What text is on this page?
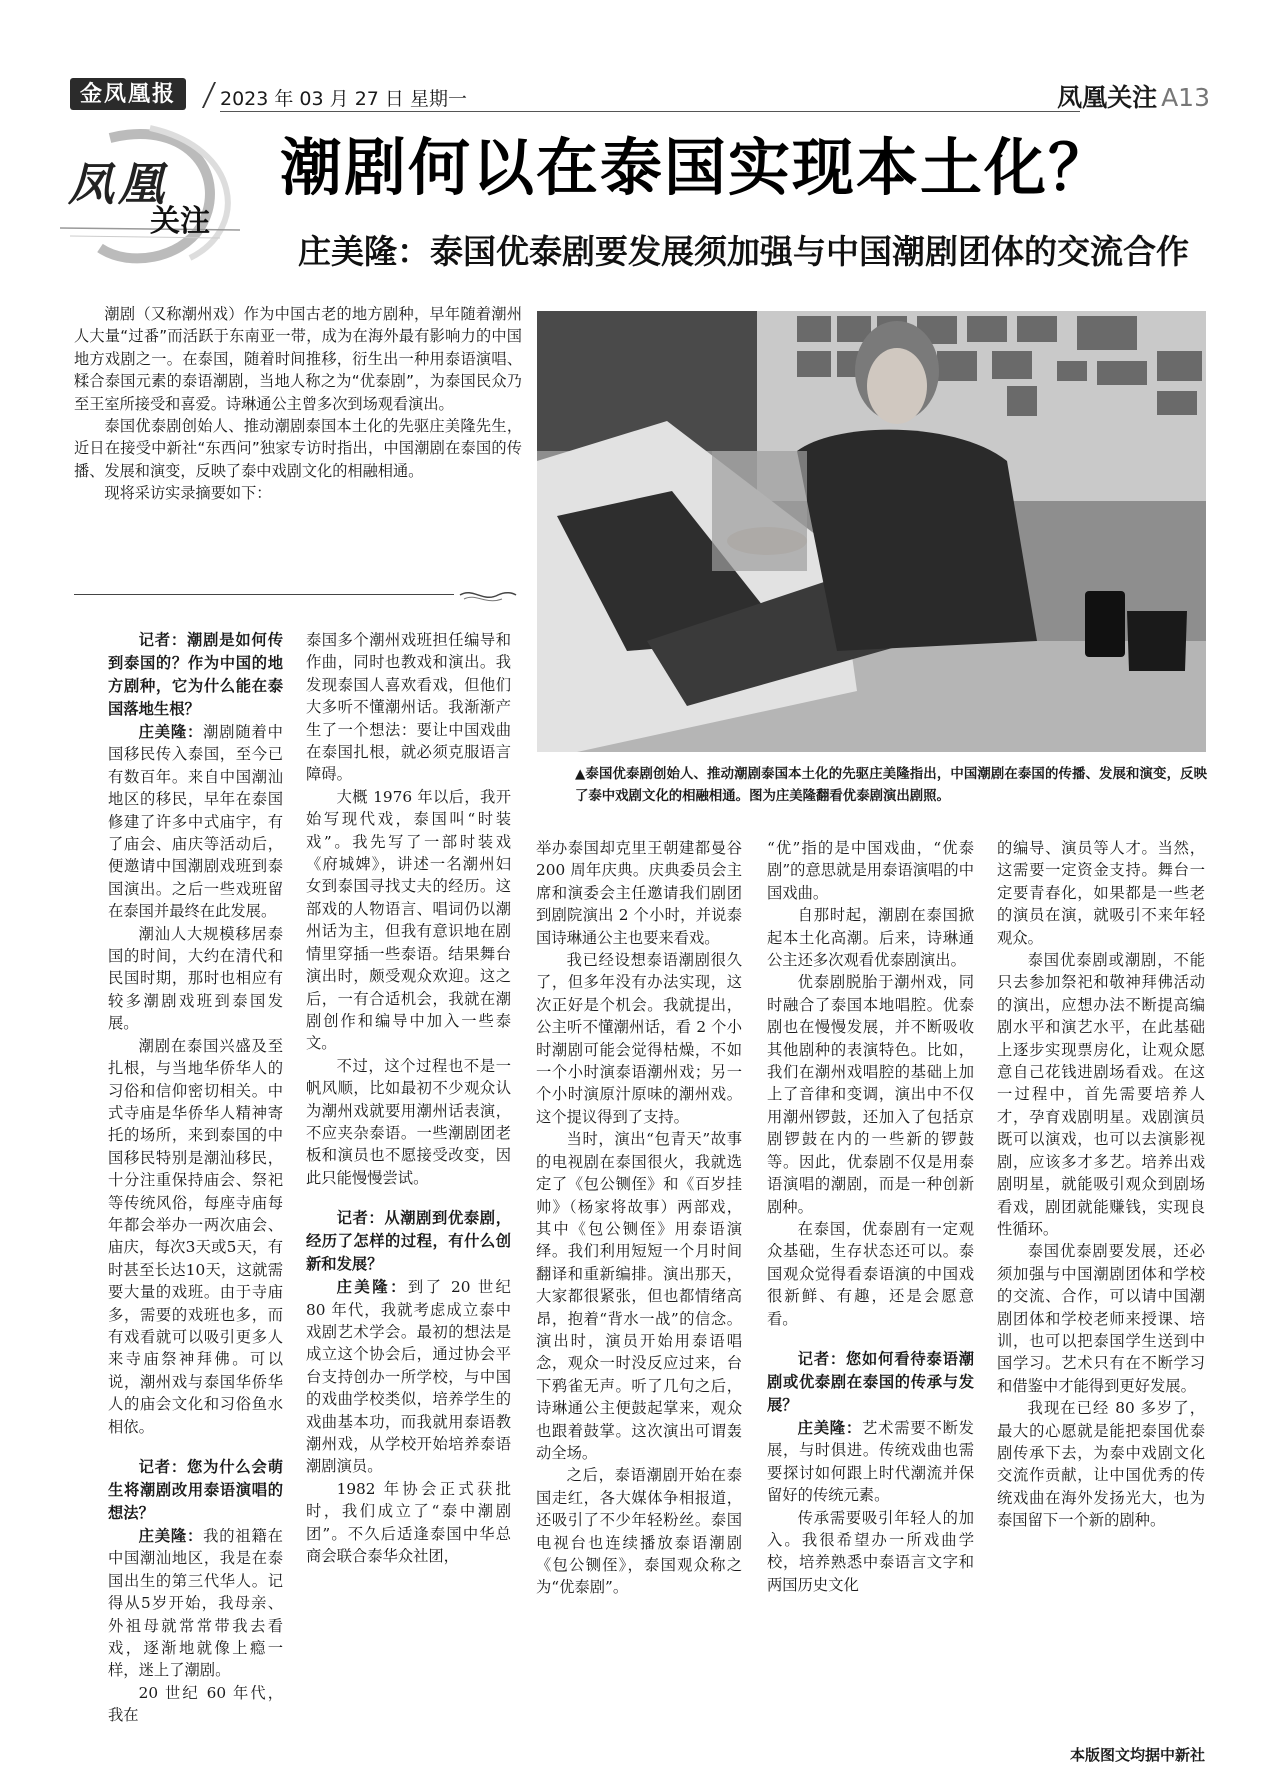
金凤凰报	2023 年 03 月 27 日 星期一	凤凰关注 A13
凤凰
关注
潮剧何以在泰国实现本土化？
庄美隆：泰国优泰剧要发展须加强与中国潮剧团体的交流合作

潮剧（又称潮州戏）作为中国古老的地方剧种，早年随着潮州人大量“过番”而活跃于东南亚一带，成为在海外最有影响力的中国地方戏剧之一。在泰国，随着时间推移，衍生出一种用泰语演唱、糅合泰国元素的泰语潮剧，当地人称之为“优泰剧”，为泰国民众乃至王室所接受和喜爱。诗琳通公主曾多次到场观看演出。

泰国优泰剧创始人、推动潮剧泰国本土化的先驱庄美隆先生，近日在接受中新社“东西问”独家专访时指出，中国潮剧在泰国的传播、发展和演变，反映了泰中戏剧文化的相融相通。

现将采访实录摘要如下：

▲泰国优泰剧创始人、推动潮剧泰国本土化的先驱庄美隆指出，中国潮剧在泰国的传播、发展和演变，反映了泰中戏剧文化的相融相通。图为庄美隆翻看优泰剧演出剧照。

记者：潮剧是如何传到泰国的？作为中国的地方剧种，它为什么能在泰国落地生根？

庄美隆：潮剧随着中国移民传入泰国，至今已有数百年。来自中国潮汕地区的移民，早年在泰国修建了许多中式庙宇，有了庙会、庙庆等活动后，便邀请中国潮剧戏班到泰国演出。之后一些戏班留在泰国并最终在此发展。

潮汕人大规模移居泰国的时间，大约在清代和民国时期，那时也相应有较多潮剧戏班到泰国发展。

潮剧在泰国兴盛及至扎根，与当地华侨华人的习俗和信仰密切相关。中式寺庙是华侨华人精神寄托的场所，来到泰国的中国移民特别是潮汕移民，十分注重保持庙会、祭祀等传统风俗，每座寺庙每年都会举办一两次庙会、庙庆，每次3天或5天，有时甚至长达10天，这就需要大量的戏班。由于寺庙多，需要的戏班也多，而有戏看就可以吸引更多人来寺庙祭神拜佛。可以说，潮州戏与泰国华侨华人的庙会文化和习俗鱼水相依。

记者：您为什么会萌生将潮剧改用泰语演唱的想法？

庄美隆：我的祖籍在中国潮汕地区，我是在泰国出生的第三代华人。记得从5岁开始，我母亲、外祖母就常常带我去看戏，逐渐地就像上瘾一样，迷上了潮剧。

20 世纪 60 年代，我在

泰国多个潮州戏班担任编导和作曲，同时也教戏和演出。我发现泰国人喜欢看戏，但他们大多听不懂潮州话。我渐渐产生了一个想法：要让中国戏曲在泰国扎根，就必须克服语言障碍。

大概 1976 年以后，我开始写现代戏，泰国叫“时装戏”。我先写了一部时装戏《府城婢》，讲述一名潮州妇女到泰国寻找丈夫的经历。这部戏的人物语言、唱词仍以潮州话为主，但我有意识地在剧情里穿插一些泰语。结果舞台演出时，颇受观众欢迎。这之后，一有合适机会，我就在潮剧创作和编导中加入一些泰文。

不过，这个过程也不是一帆风顺，比如最初不少观众认为潮州戏就要用潮州话表演，不应夹杂泰语。一些潮剧团老板和演员也不愿接受改变，因此只能慢慢尝试。

记者：从潮剧到优泰剧，经历了怎样的过程，有什么创新和发展？

庄美隆：到了 20 世纪 80 年代，我就考虑成立泰中戏剧艺术学会。最初的想法是成立这个协会后，通过协会平台支持创办一所学校，与中国的戏曲学校类似，培养学生的戏曲基本功，而我就用泰语教潮州戏，从学校开始培养泰语潮剧演员。

1982 年协会正式获批时，我们成立了“泰中潮剧团”。不久后适逢泰国中华总商会联合泰华众社团，

举办泰国却克里王朝建都曼谷 200 周年庆典。庆典委员会主席和演委会主任邀请我们剧团到剧院演出 2 个小时，并说泰国诗琳通公主也要来看戏。

我已经设想泰语潮剧很久了，但多年没有办法实现，这次正好是个机会。我就提出，公主听不懂潮州话，看 2 个小时潮剧可能会觉得枯燥，不如一个小时演泰语潮州戏；另一个小时演原汁原味的潮州戏。这个提议得到了支持。

当时，演出“包青天”故事的电视剧在泰国很火，我就选定了《包公铡侄》和《百岁挂帅》（杨家将故事）两部戏，其中《包公铡侄》用泰语演绎。我们利用短短一个月时间翻译和重新编排。演出那天，大家都很紧张，但也都情绪高昂，抱着“背水一战”的信念。演出时，演员开始用泰语唱念，观众一时没反应过来，台下鸦雀无声。听了几句之后，诗琳通公主便鼓起掌来，观众也跟着鼓掌。这次演出可谓轰动全场。

之后，泰语潮剧开始在泰国走红，各大媒体争相报道，还吸引了不少年轻粉丝。泰国电视台也连续播放泰语潮剧《包公铡侄》，泰国观众称之为“优泰剧”。

“优”指的是中国戏曲，“优泰剧”的意思就是用泰语演唱的中国戏曲。

自那时起，潮剧在泰国掀起本土化高潮。后来，诗琳通公主还多次观看优泰剧演出。

优泰剧脱胎于潮州戏，同时融合了泰国本地唱腔。优泰剧也在慢慢发展，并不断吸收其他剧种的表演特色。比如，我们在潮州戏唱腔的基础上加上了音律和变调，演出中不仅用潮州锣鼓，还加入了包括京剧锣鼓在内的一些新的锣鼓等。因此，优泰剧不仅是用泰语演唱的潮剧，而是一种创新剧种。

在泰国，优泰剧有一定观众基础，生存状态还可以。泰国观众觉得看泰语演的中国戏很新鲜、有趣，还是会愿意看。

记者：您如何看待泰语潮剧或优泰剧在泰国的传承与发展？

庄美隆：艺术需要不断发展，与时俱进。传统戏曲也需要探讨如何跟上时代潮流并保留好的传统元素。

传承需要吸引年轻人的加入。我很希望办一所戏曲学校，培养熟悉中泰语言文字和两国历史文化

的编导、演员等人才。当然，这需要一定资金支持。舞台一定要青春化，如果都是一些老的演员在演，就吸引不来年轻观众。

泰国优泰剧或潮剧，不能只去参加祭祀和敬神拜佛活动的演出，应想办法不断提高编剧水平和演艺水平，在此基础上逐步实现票房化，让观众愿意自己花钱进剧场看戏。在这一过程中，首先需要培养人才，孕育戏剧明星。戏剧演员既可以演戏，也可以去演影视剧，应该多才多艺。培养出戏剧明星，就能吸引观众到剧场看戏，剧团就能赚钱，实现良性循环。

泰国优泰剧要发展，还必须加强与中国潮剧团体和学校的交流、合作，可以请中国潮剧团体和学校老师来授课、培训，也可以把泰国学生送到中国学习。艺术只有在不断学习和借鉴中才能得到更好发展。

我现在已经 80 多岁了，最大的心愿就是能把泰国优泰剧传承下去，为泰中戏剧文化交流作贡献，让中国优秀的传统戏曲在海外发扬光大，也为泰国留下一个新的剧种。

本版图文均据中新社
